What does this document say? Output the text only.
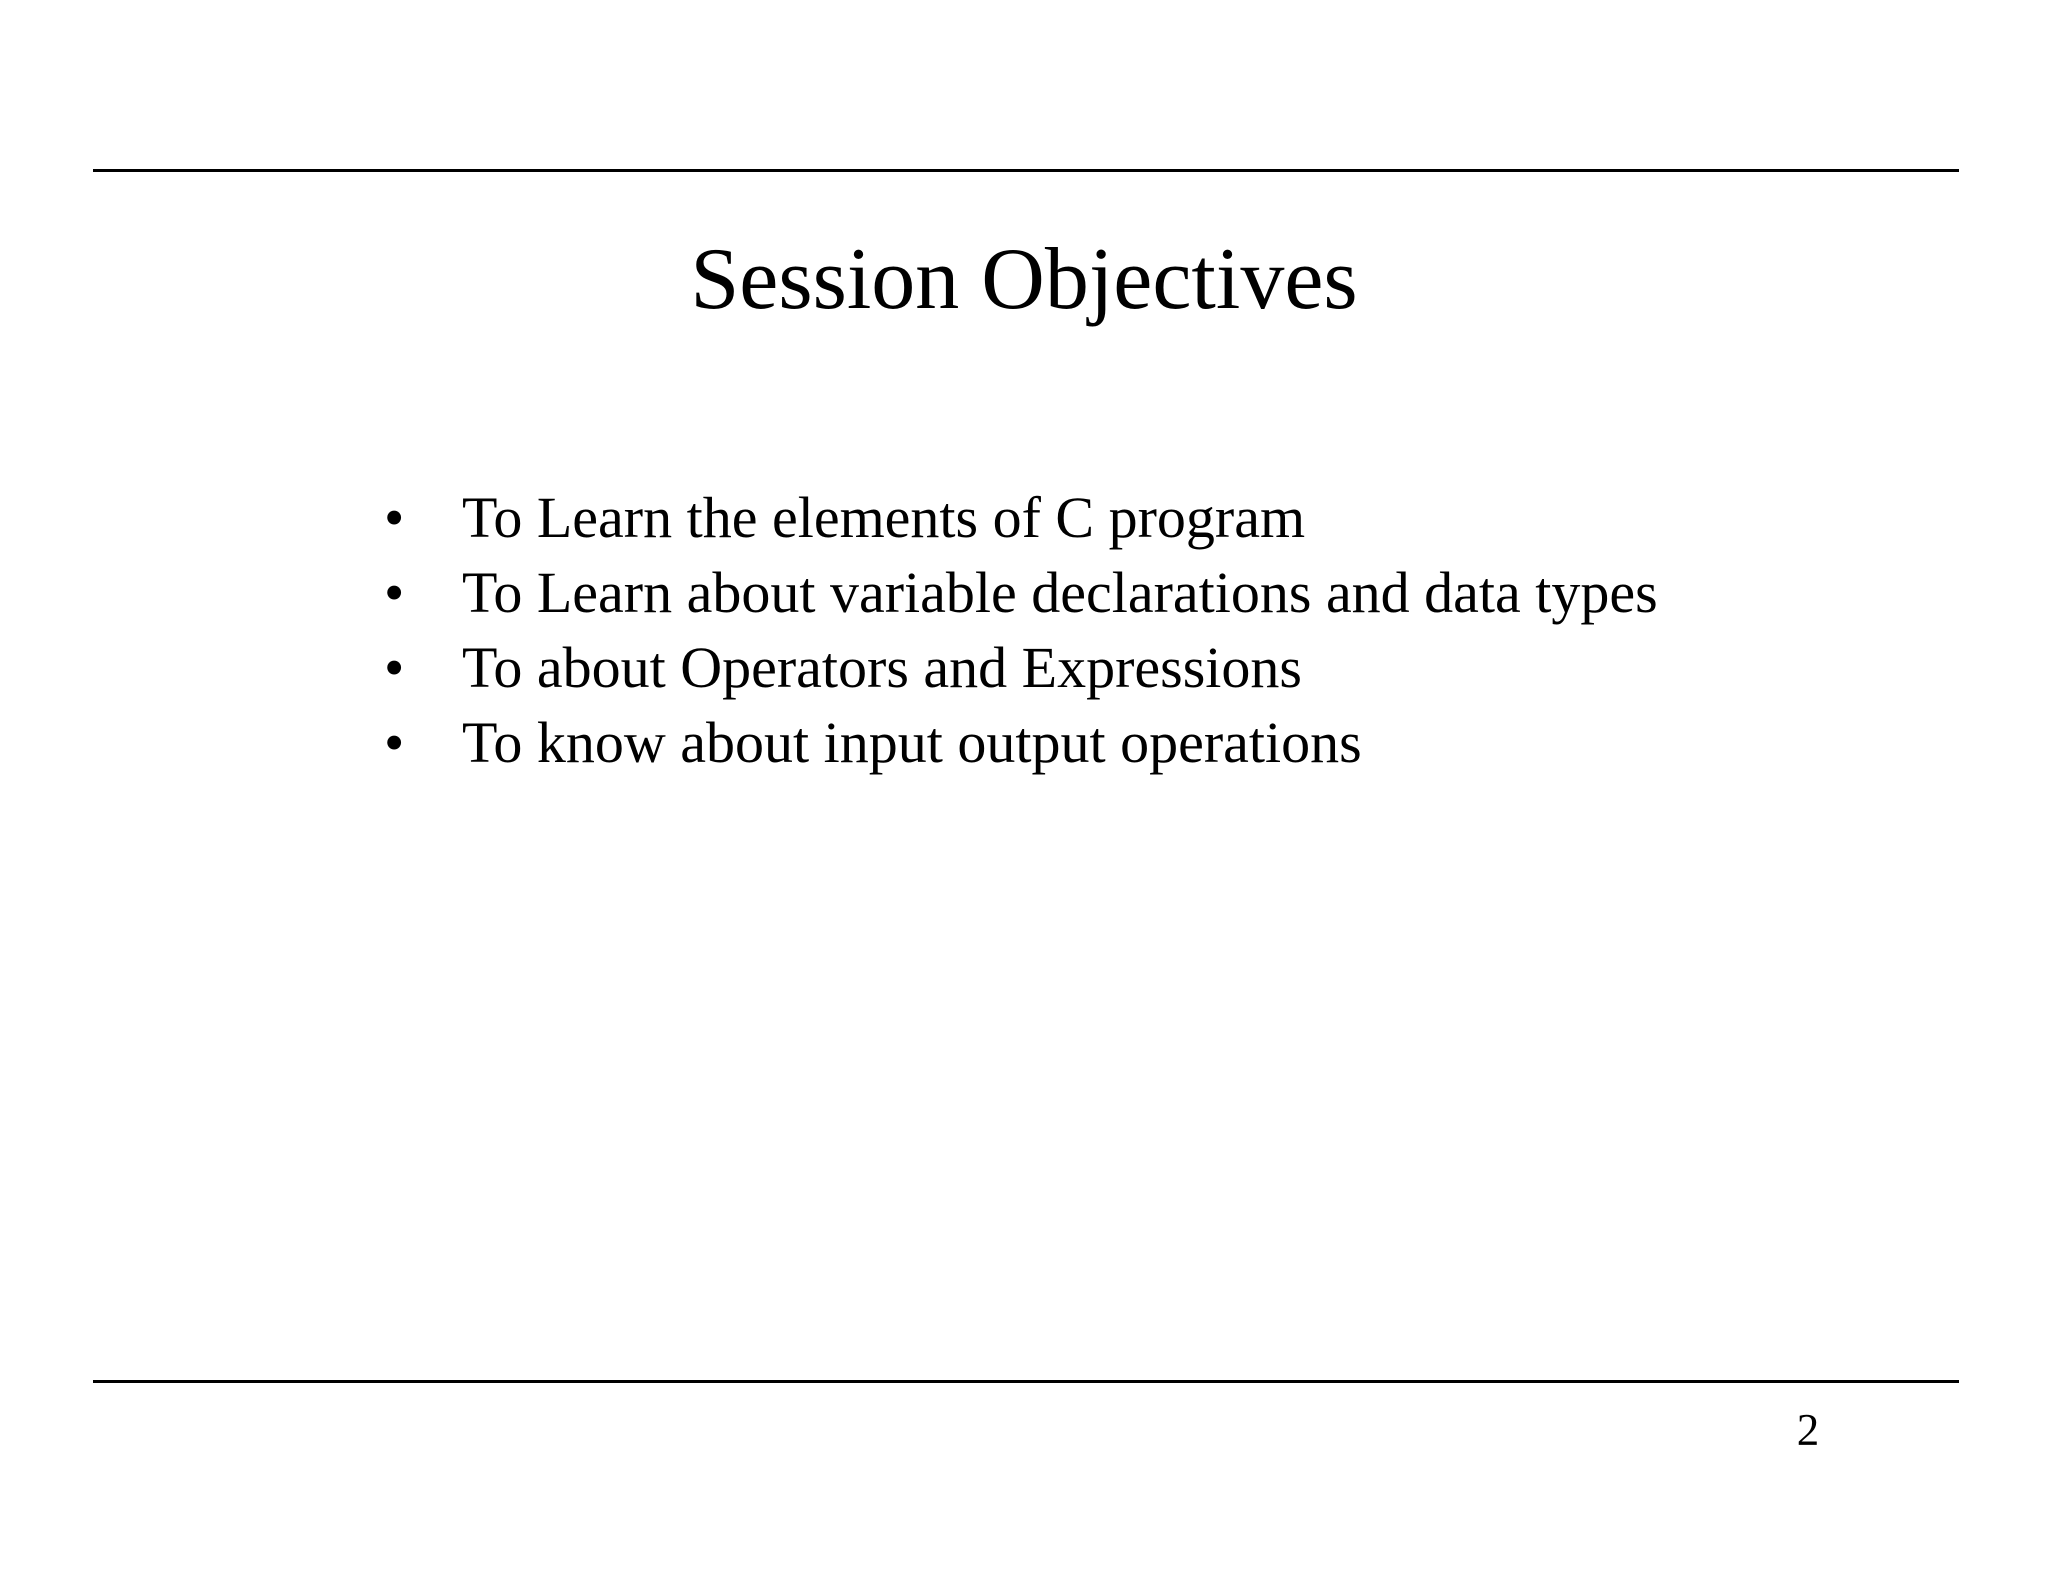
Session Objectives
• To Learn the elements of C program
• To Learn about variable declarations and data types
• To about Operators and Expressions
• To know about input output operations
2
